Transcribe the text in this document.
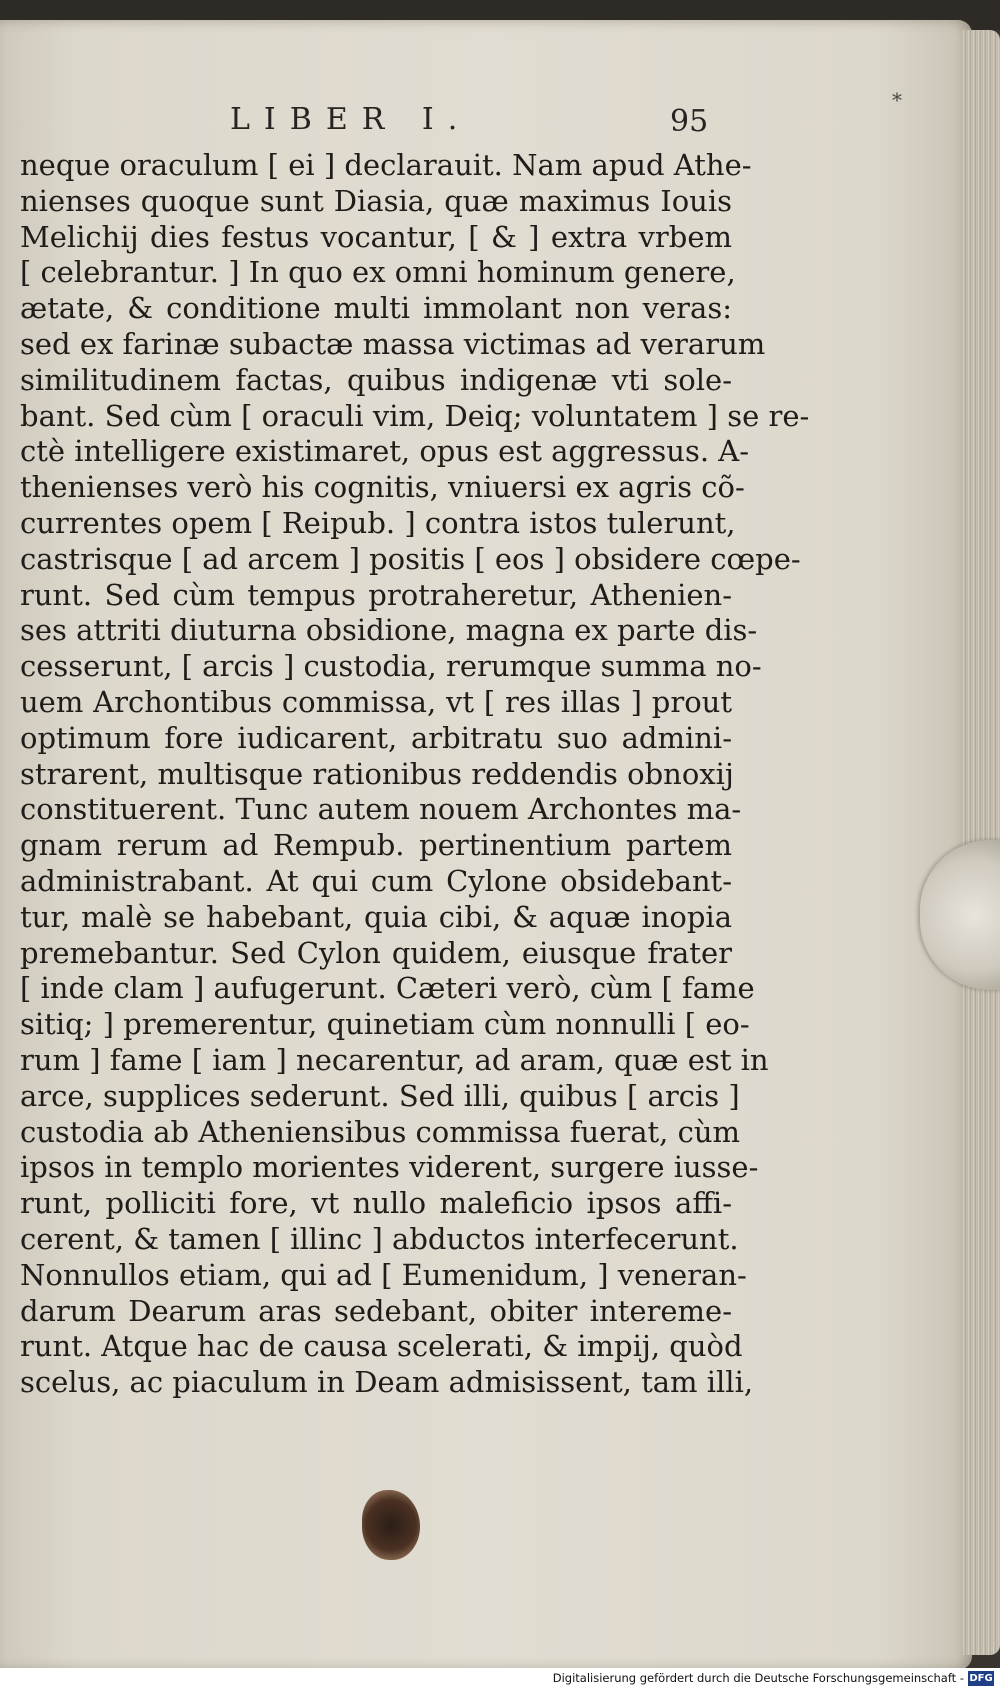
LIBER I.	95
*
neque oraculum [ ei ] declarauit. Nam apud Athe-
nienses quoque sunt Diasia, quæ maximus Iouis
Melichij dies festus vocantur, [ & ] extra vrbem
[ celebrantur. ] In quo ex omni hominum genere,
ætate, & conditione multi immolant non veras:
sed ex farinæ subactæ massa victimas ad verarum
similitudinem factas, quibus indigenæ vti sole-
bant. Sed cùm [ oraculi vim, Deiq; voluntatem ] se re-
ctè intelligere existimaret, opus est aggressus. A-
thenienses verò his cognitis, vniuersi ex agris cõ-
currentes opem [ Reipub. ] contra istos tulerunt,
castrisque [ ad arcem ] positis [ eos ] obsidere cœpe-
runt. Sed cùm tempus protraheretur, Athenien-
ses attriti diuturna obsidione, magna ex parte dis-
cesserunt, [ arcis ] custodia, rerumque summa no-
uem Archontibus commissa, vt [ res illas ] prout
optimum fore iudicarent, arbitratu suo admini-
strarent, multisque rationibus reddendis obnoxij
constituerent. Tunc autem nouem Archontes ma-
gnam rerum ad Rempub. pertinentium partem
administrabant. At qui cum Cylone obsidebant-
tur, malè se habebant, quia cibi, & aquæ inopia
premebantur. Sed Cylon quidem, eiusque frater
[ inde clam ] aufugerunt. Cæteri verò, cùm [ fame
sitiq; ] premerentur, quinetiam cùm nonnulli [ eo-
rum ] fame [ iam ] necarentur, ad aram, quæ est in
arce, supplices sederunt. Sed illi, quibus [ arcis ]
custodia ab Atheniensibus commissa fuerat, cùm
ipsos in templo morientes viderent, surgere iusse-
runt, polliciti fore, vt nullo maleficio ipsos affi-
cerent, & tamen [ illinc ] abductos interfecerunt.
Nonnullos etiam, qui ad [ Eumenidum, ] veneran-
darum Dearum aras sedebant, obiter intereme-
runt. Atque hac de causa scelerati, & impij, quòd
scelus, ac piaculum in Deam admisissent, tam illi,
Digitalisierung gefördert durch die Deutsche Forschungsgemeinschaft - DFG
